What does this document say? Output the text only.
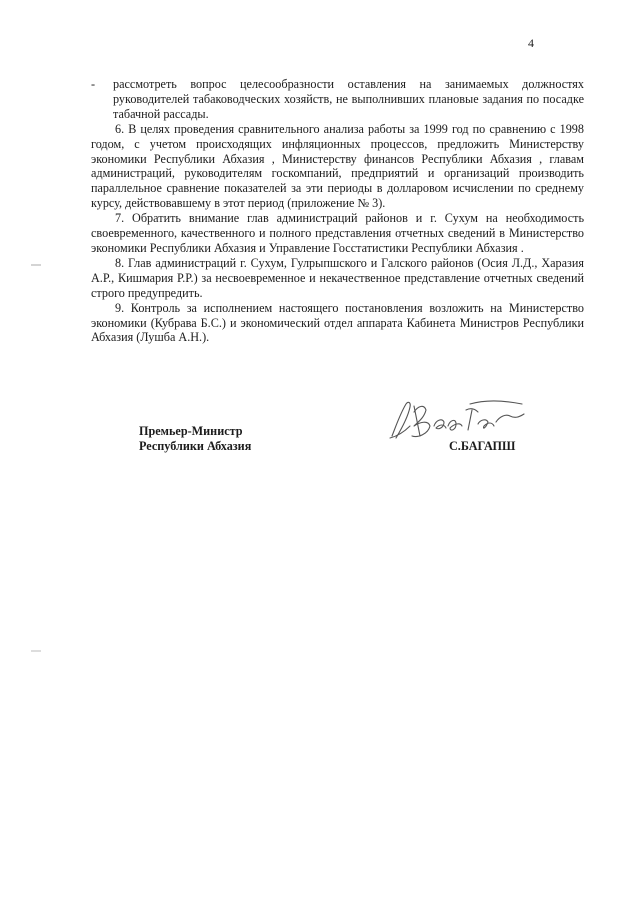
4
-	рассмотреть вопрос целесообразности оставления на занимаемых должностях руководителей табаководческих хозяйств, не выполнивших плановые задания по посадке табачной рассады.

6. В целях проведения сравнительного анализа работы за 1999 год по сравнению с 1998 годом, с учетом происходящих инфляционных процессов, предложить Министерству экономики Республики Абхазия , Министерству финансов Республики Абхазия , главам администраций, руководителям госкомпаний, предприятий и организаций производить параллельное сравнение показателей за эти периоды в долларовом исчислении по среднему курсу, действовавшему в этот период (приложение № 3).

7. Обратить внимание глав администраций районов и г. Сухум на необходимость своевременного, качественного и полного представления отчетных сведений в Министерство экономики Республики Абхазия и Управление Госстатистики Республики Абхазия .

8. Глав администраций г. Сухум, Гулрыпшского и Галского районов (Осия Л.Д., Харазия А.Р., Кишмария Р.Р.) за несвоевременное и некачественное представление отчетных сведений строго предупредить.

9. Контроль за исполнением настоящего постановления возложить на Министерство экономики (Кубрава Б.С.) и экономический отдел аппарата Кабинета Министров Республики Абхазия (Лушба А.Н.).

Премьер-Министр
Республики Абхазия	С.БАГАПШ
